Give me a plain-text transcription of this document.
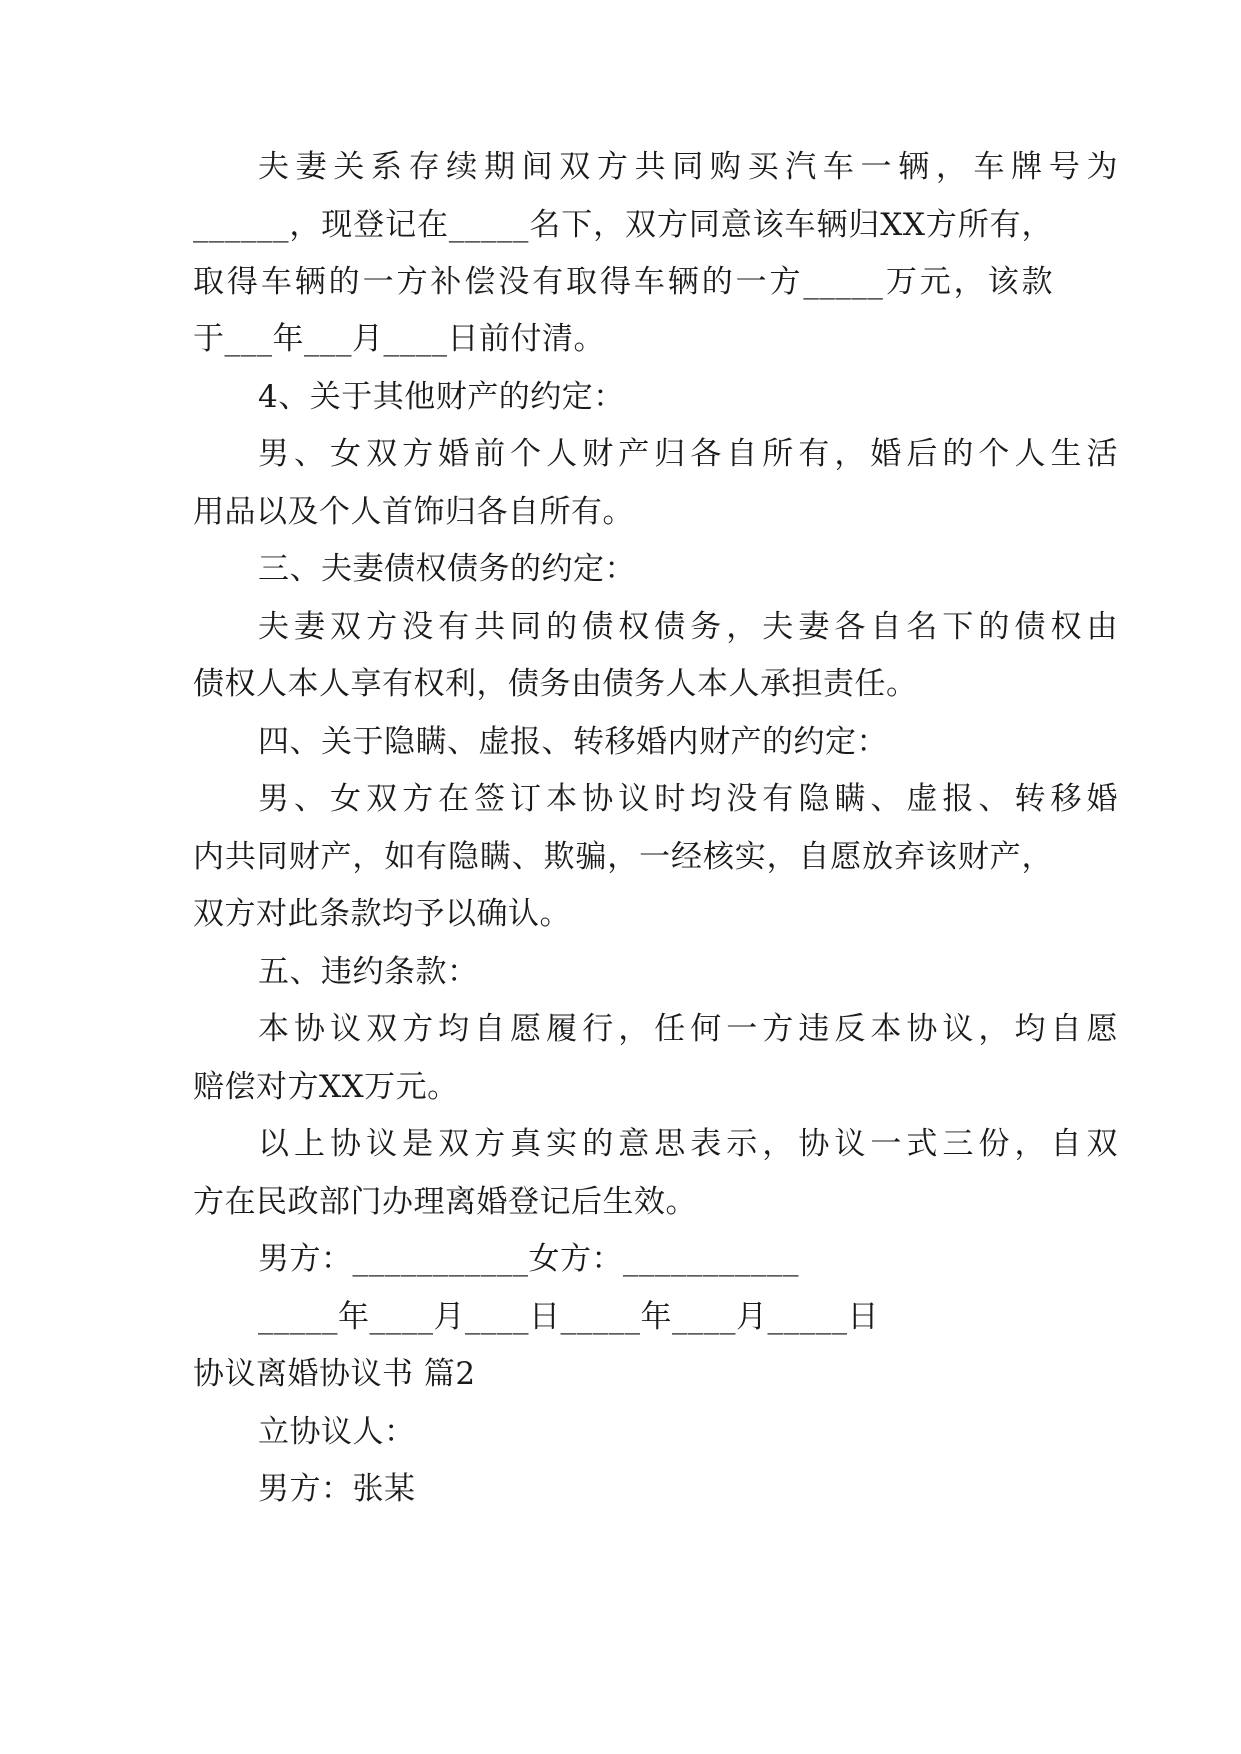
夫妻关系存续期间双方共同购买汽车一辆，车牌号为
______，现登记在_____名下，双方同意该车辆归XX方所有，
取得车辆的一方补偿没有取得车辆的一方_____万元，该款
于___年___月____日前付清。
4、关于其他财产的约定：
男、女双方婚前个人财产归各自所有，婚后的个人生活
用品以及个人首饰归各自所有。
三、夫妻债权债务的约定：
夫妻双方没有共同的债权债务，夫妻各自名下的债权由
债权人本人享有权利，债务由债务人本人承担责任。
四、关于隐瞒、虚报、转移婚内财产的约定：
男、女双方在签订本协议时均没有隐瞒、虚报、转移婚
内共同财产，如有隐瞒、欺骗，一经核实，自愿放弃该财产，
双方对此条款均予以确认。
五、违约条款：
本协议双方均自愿履行，任何一方违反本协议，均自愿
赔偿对方XX万元。
以上协议是双方真实的意思表示，协议一式三份，自双
方在民政部门办理离婚登记后生效。
男方：___________女方：___________
_____年____月____日_____年____月_____日
协议离婚协议书 篇2
立协议人：
男方：张某
